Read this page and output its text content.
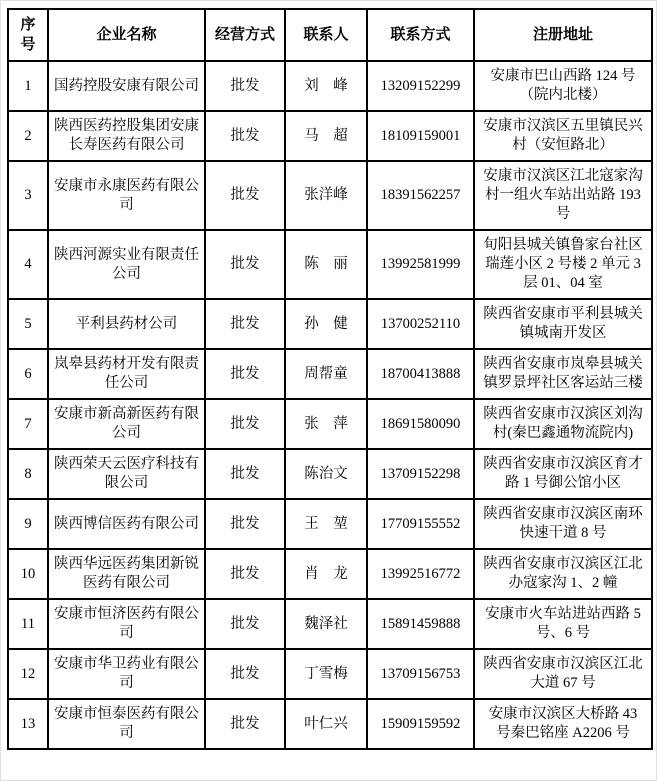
序号	企业名称	经营方式	联系人	联系方式	注册地址
1	国药控股安康有限公司	批发	刘　峰	13209152299	安康市巴山西路 124 号（院内北楼）
2	陕西医药控股集团安康长寿医药有限公司	批发	马　超	18109159001	安康市汉滨区五里镇民兴村（安恒路北）
3	安康市永康医药有限公司	批发	张洋峰	18391562257	安康市汉滨区江北寇家沟村一组火车站出站路 193 号
4	陕西河源实业有限责任公司	批发	陈　丽	13992581999	旬阳县城关镇鲁家台社区瑞莲小区 2 号楼 2 单元 3 层 01、04 室
5	平利县药材公司	批发	孙　健	13700252110	陕西省安康市平利县城关镇城南开发区
6	岚皋县药材开发有限责任公司	批发	周帮童	18700413888	陕西省安康市岚皋县城关镇罗景坪社区客运站三楼
7	安康市新高新医药有限公司	批发	张　萍	18691580090	陕西省安康市汉滨区刘沟村(秦巴鑫通物流院内)
8	陕西荣天云医疗科技有限公司	批发	陈治文	13709152298	陕西省安康市汉滨区育才路 1 号御公馆小区
9	陕西博信医药有限公司	批发	王　堃	17709155552	陕西省安康市汉滨区南环快速干道 8 号
10	陕西华远医药集团新锐医药有限公司	批发	肖　龙	13992516772	陕西省安康市汉滨区江北办寇家沟 1、2 幢
11	安康市恒济医药有限公司	批发	魏泽社	15891459888	安康市火车站进站西路 5 号、6 号
12	安康市华卫药业有限公司	批发	丁雪梅	13709156753	陕西省安康市汉滨区江北大道 67 号
13	安康市恒泰医药有限公司	批发	叶仁兴	15909159592	安康市汉滨区大桥路 43 号秦巴铭座 A2206 号
